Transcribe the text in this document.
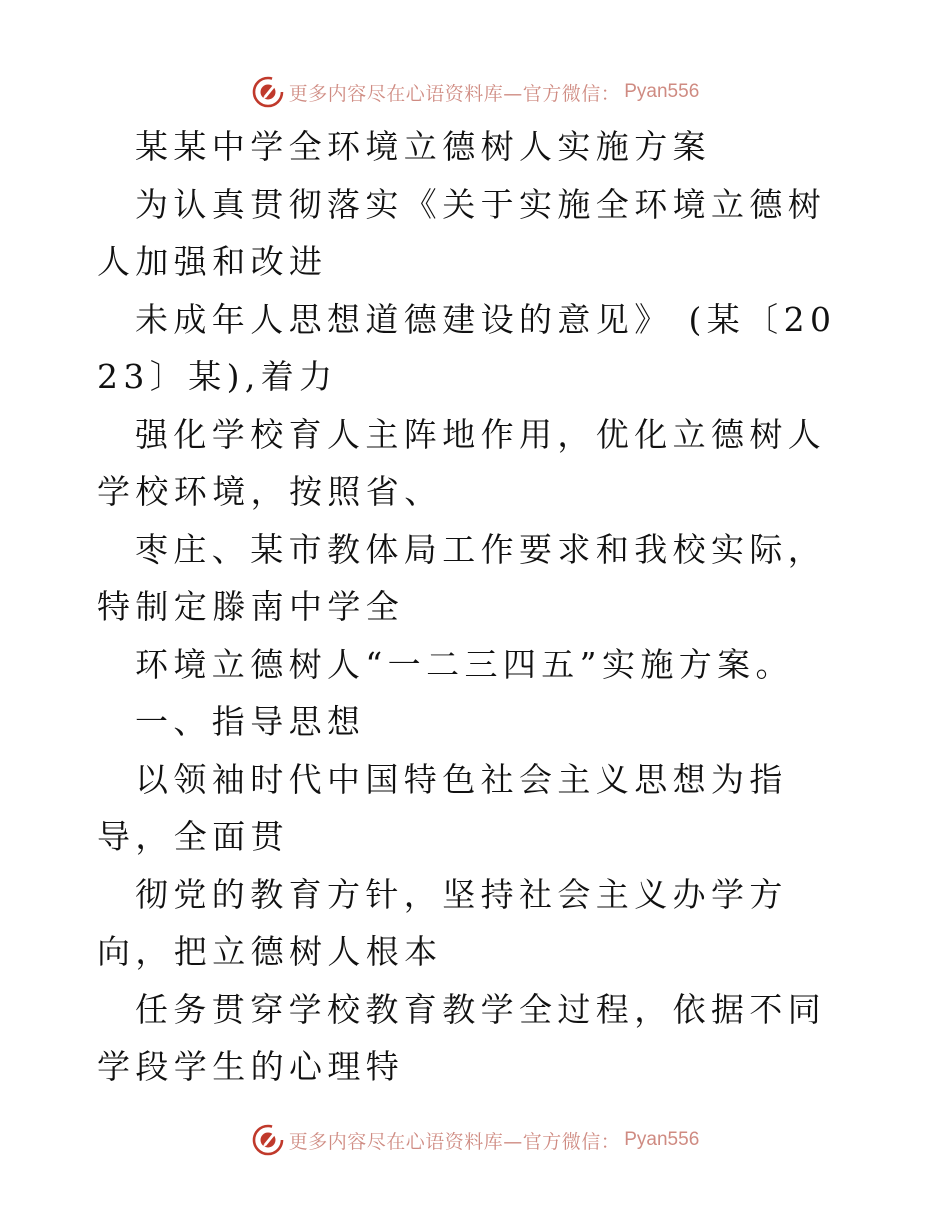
更多内容尽在心语资料库—官方微信： Pyan556

某某中学全环境立德树人实施方案

为认真贯彻落实《关于实施全环境立德树人加强和改进

未成年人思想道德建设的意见》 (某〔2023〕某),着力

强化学校育人主阵地作用，优化立德树人学校环境，按照省、

枣庄、某市教体局工作要求和我校实际，特制定滕南中学全

环境立德树人“一二三四五”实施方案。

一、指导思想

以领袖时代中国特色社会主义思想为指导，全面贯

彻党的教育方针，坚持社会主义办学方向，把立德树人根本

任务贯穿学校教育教学全过程，依据不同学段学生的心理特

更多内容尽在心语资料库—官方微信： Pyan556
